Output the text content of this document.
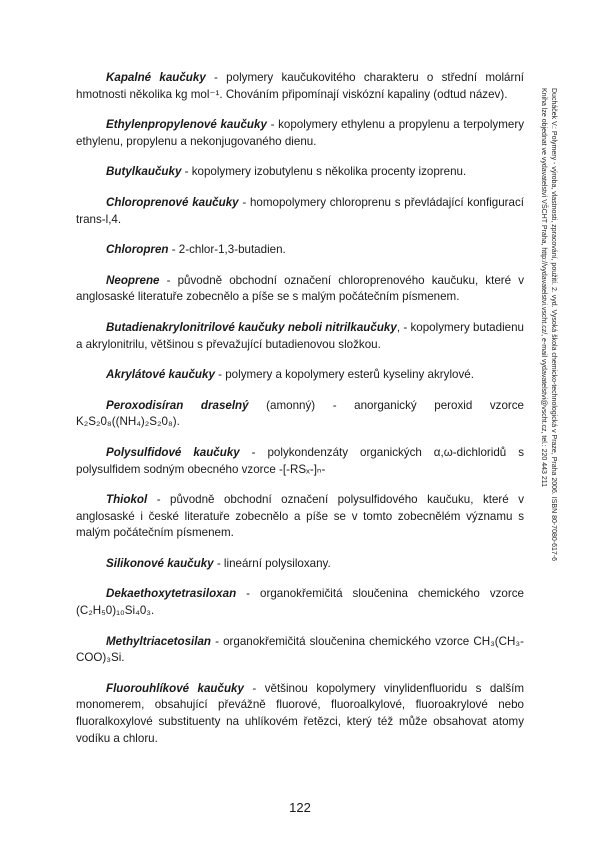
Kapalné kaučuky - polymery kaučukovitého charakteru o střední molární hmotnosti několika kg mol⁻¹. Chováním připomínají viskózní kapaliny (odtud název).

Ethylenpropylenové kaučuky - kopolymery ethylenu a propylenu a terpolymery ethylenu, propylenu a nekonjugovaného dienu.

Butylkaučuky - kopolymery izobutylenu s několika procenty izoprenu.

Chloroprenové kaučuky - homopolymery chloroprenu s převládající konfigurací trans-l,4.

Chloropren - 2-chlor-1,3-butadien.

Neoprene - původně obchodní označení chloroprenového kaučuku, které v anglosaské literatuře zobecnělo a píše se s malým počátečním písmenem.

Butadienakrylonitrilové kaučuky neboli nitrilkaučuky, - kopolymery butadienu a akrylonitrilu, většinou s převažující butadienovou složkou.

Akrylátové kaučuky - polymery a kopolymery esterů kyseliny akrylové.

Peroxodisíran draselný (amonný) - anorganický peroxid vzorce K₂S₂0₈((NH₄)₂S₂0₈).

Polysulfidové kaučuky - polykondenzáty organických α,ω-dichloridů s polysulfidem sodným obecného vzorce -[-RSₓ-]ₙ-

Thiokol - původně obchodní označení polysulfidového kaučuku, které v anglosaské i české literatuře zobecnělo a píše se v tomto zobecnělém významu s malým počátečním písmenem.

Silikonové kaučuky - lineární polysiloxany.

Dekaethoxytetrasiloxan - organokřemičitá sloučenina chemického vzorce (C₂H₅0)₁₀Si₄0₃.

Methyltriacetosilan - organokřemičitá sloučenina chemického vzorce CH₃(CH₃-COO)₃Si.

Fluorouhlíkové kaučuky - většinou kopolymery vinylidenfluoridu s dalším monomerem, obsahující převážně fluorové, fluoroalkylové, fluoroakrylové nebo fluoralkoxylové substituenty na uhlíkovém řetězci, který též může obsahovat atomy vodíku a chloru.

122
Ducháček V.: Polymery - výroba, vlastnosti, zpracování, použití. 2. vyd. Vysoká škola chemicko-technologická v Praze, Praha 2006. ISBN 80-7080-617-6
Kniha lze objednat ve vydavatelství VŠCHT Praha, http://vydavatelstvi.vscht.cz/, e-mail vydavatelstvi@vscht.cz, tel.: 220 443 211
